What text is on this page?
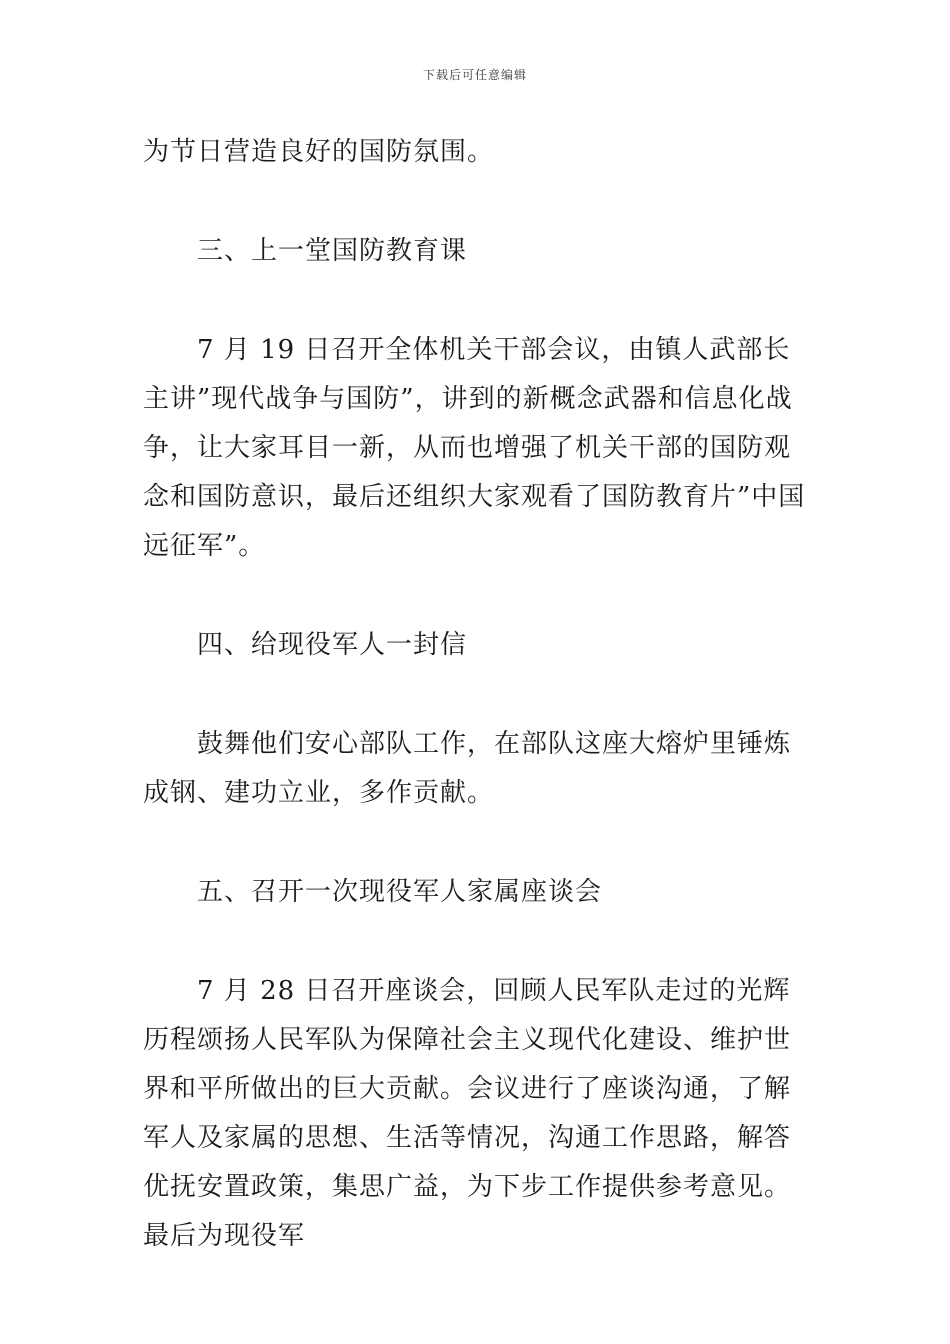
下载后可任意编辑

为节日营造良好的国防氛围。

三、上一堂国防教育课

7 月 19 日召开全体机关干部会议，由镇人武部长主讲”现代战争与国防”，讲到的新概念武器和信息化战争，让大家耳目一新，从而也增强了机关干部的国防观念和国防意识，最后还组织大家观看了国防教育片”中国远征军”。

四、给现役军人一封信

鼓舞他们安心部队工作，在部队这座大熔炉里锤炼成钢、建功立业，多作贡献。

五、召开一次现役军人家属座谈会

7 月 28 日召开座谈会，回顾人民军队走过的光辉历程颂扬人民军队为保障社会主义现代化建设、维护世界和平所做出的巨大贡献。会议进行了座谈沟通，了解军人及家属的思想、生活等情况，沟通工作思路，解答优抚安置政策，集思广益，为下步工作提供参考意见。最后为现役军
